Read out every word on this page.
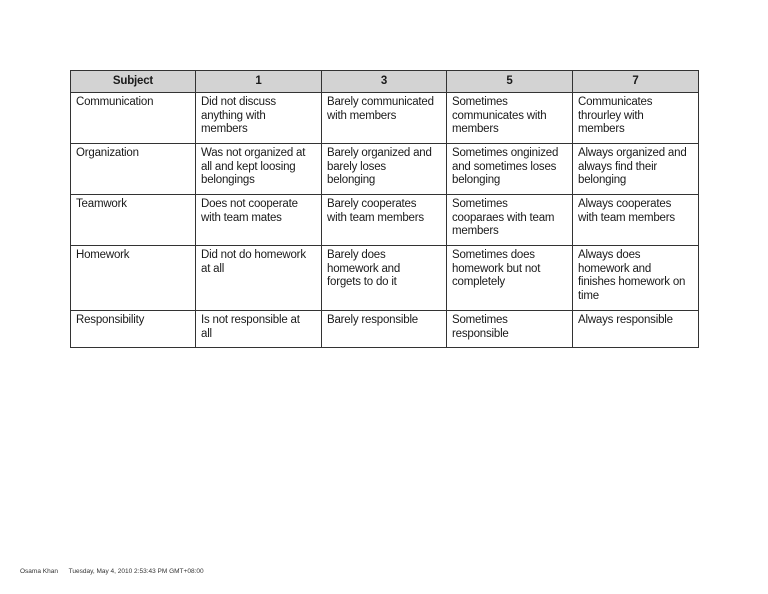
Subject	1	3	5	7
Communication	Did not discuss
anything with
members	Barely communicated
with members	Sometimes
communicates with
members	Communicates
throurley with
members
Organization	Was not organized at
all and kept loosing
belongings	Barely organized and
barely loses
belonging	Sometimes onginized
and sometimes loses
belonging	Always organized and
always find their
belonging
Teamwork	Does not cooperate
with team mates	Barely cooperates
with team members	Sometimes
cooparaes with team
members	Always cooperates
with team members
Homework	Did not do homework
at all	Barely does
homework and
forgets to do it	Sometimes does
homework but not
completely	Always does
homework and
finishes homework on
time
Responsibility	Is not responsible at
all	Barely responsible	Sometimes
responsible	Always responsible
Osama Khan Tuesday, May 4, 2010 2:53:43 PM GMT+08:00
